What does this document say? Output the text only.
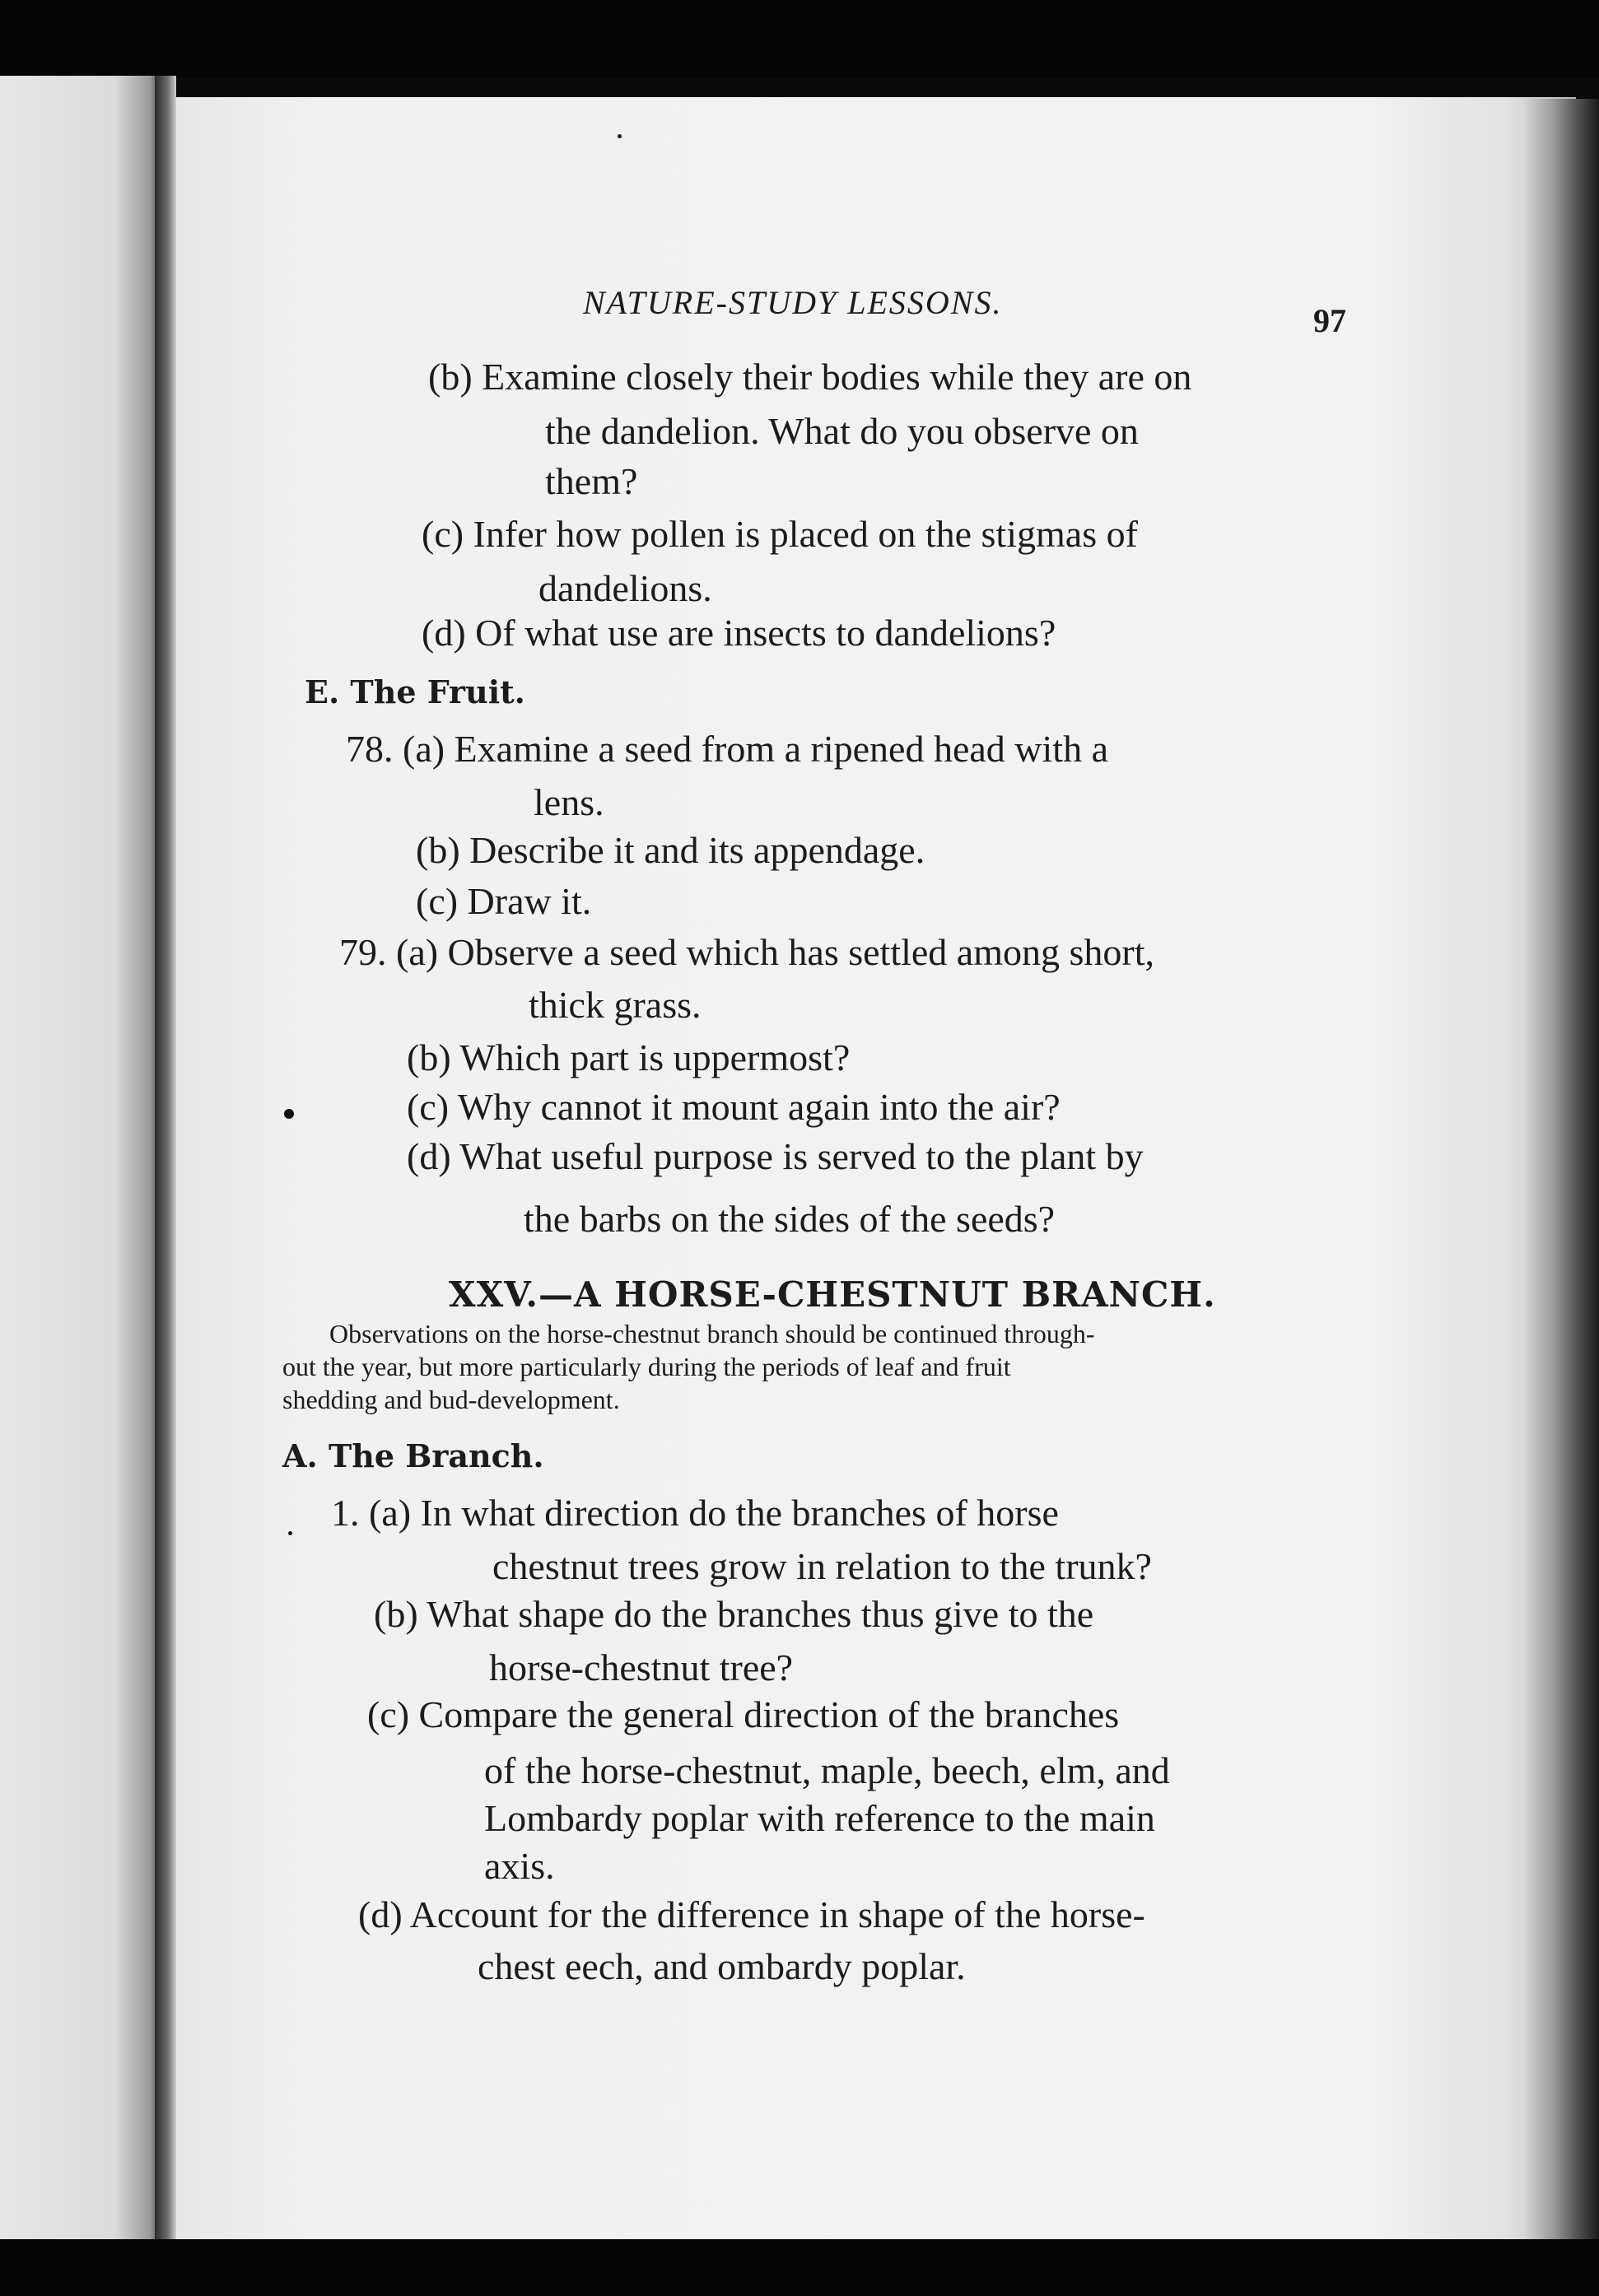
NATURE-STUDY LESSONS.	97
(b) Examine closely their bodies while they are on
the dandelion. What do you observe on
them?
(c) Infer how pollen is placed on the stigmas of
dandelions.
(d) Of what use are insects to dandelions?
E. The Fruit.
78. (a) Examine a seed from a ripened head with a
lens.
(b) Describe it and its appendage.
(c) Draw it.
79. (a) Observe a seed which has settled among short,
thick grass.
(b) Which part is uppermost?
(c) Why cannot it mount again into the air?
(d) What useful purpose is served to the plant by
the barbs on the sides of the seeds?
XXV.—A HORSE-CHESTNUT BRANCH.
Observations on the horse-chestnut branch should be continued through-
out the year, but more particularly during the periods of leaf and fruit
shedding and bud-development.
A. The Branch.
1. (a) In what direction do the branches of horse
chestnut trees grow in relation to the trunk?
(b) What shape do the branches thus give to the
horse-chestnut tree?
(c) Compare the general direction of the branches
of the horse-chestnut, maple, beech, elm, and
Lombardy poplar with reference to the main
axis.
(d) Account for the difference in shape of the horse-
chest eech, and ombardy poplar.
